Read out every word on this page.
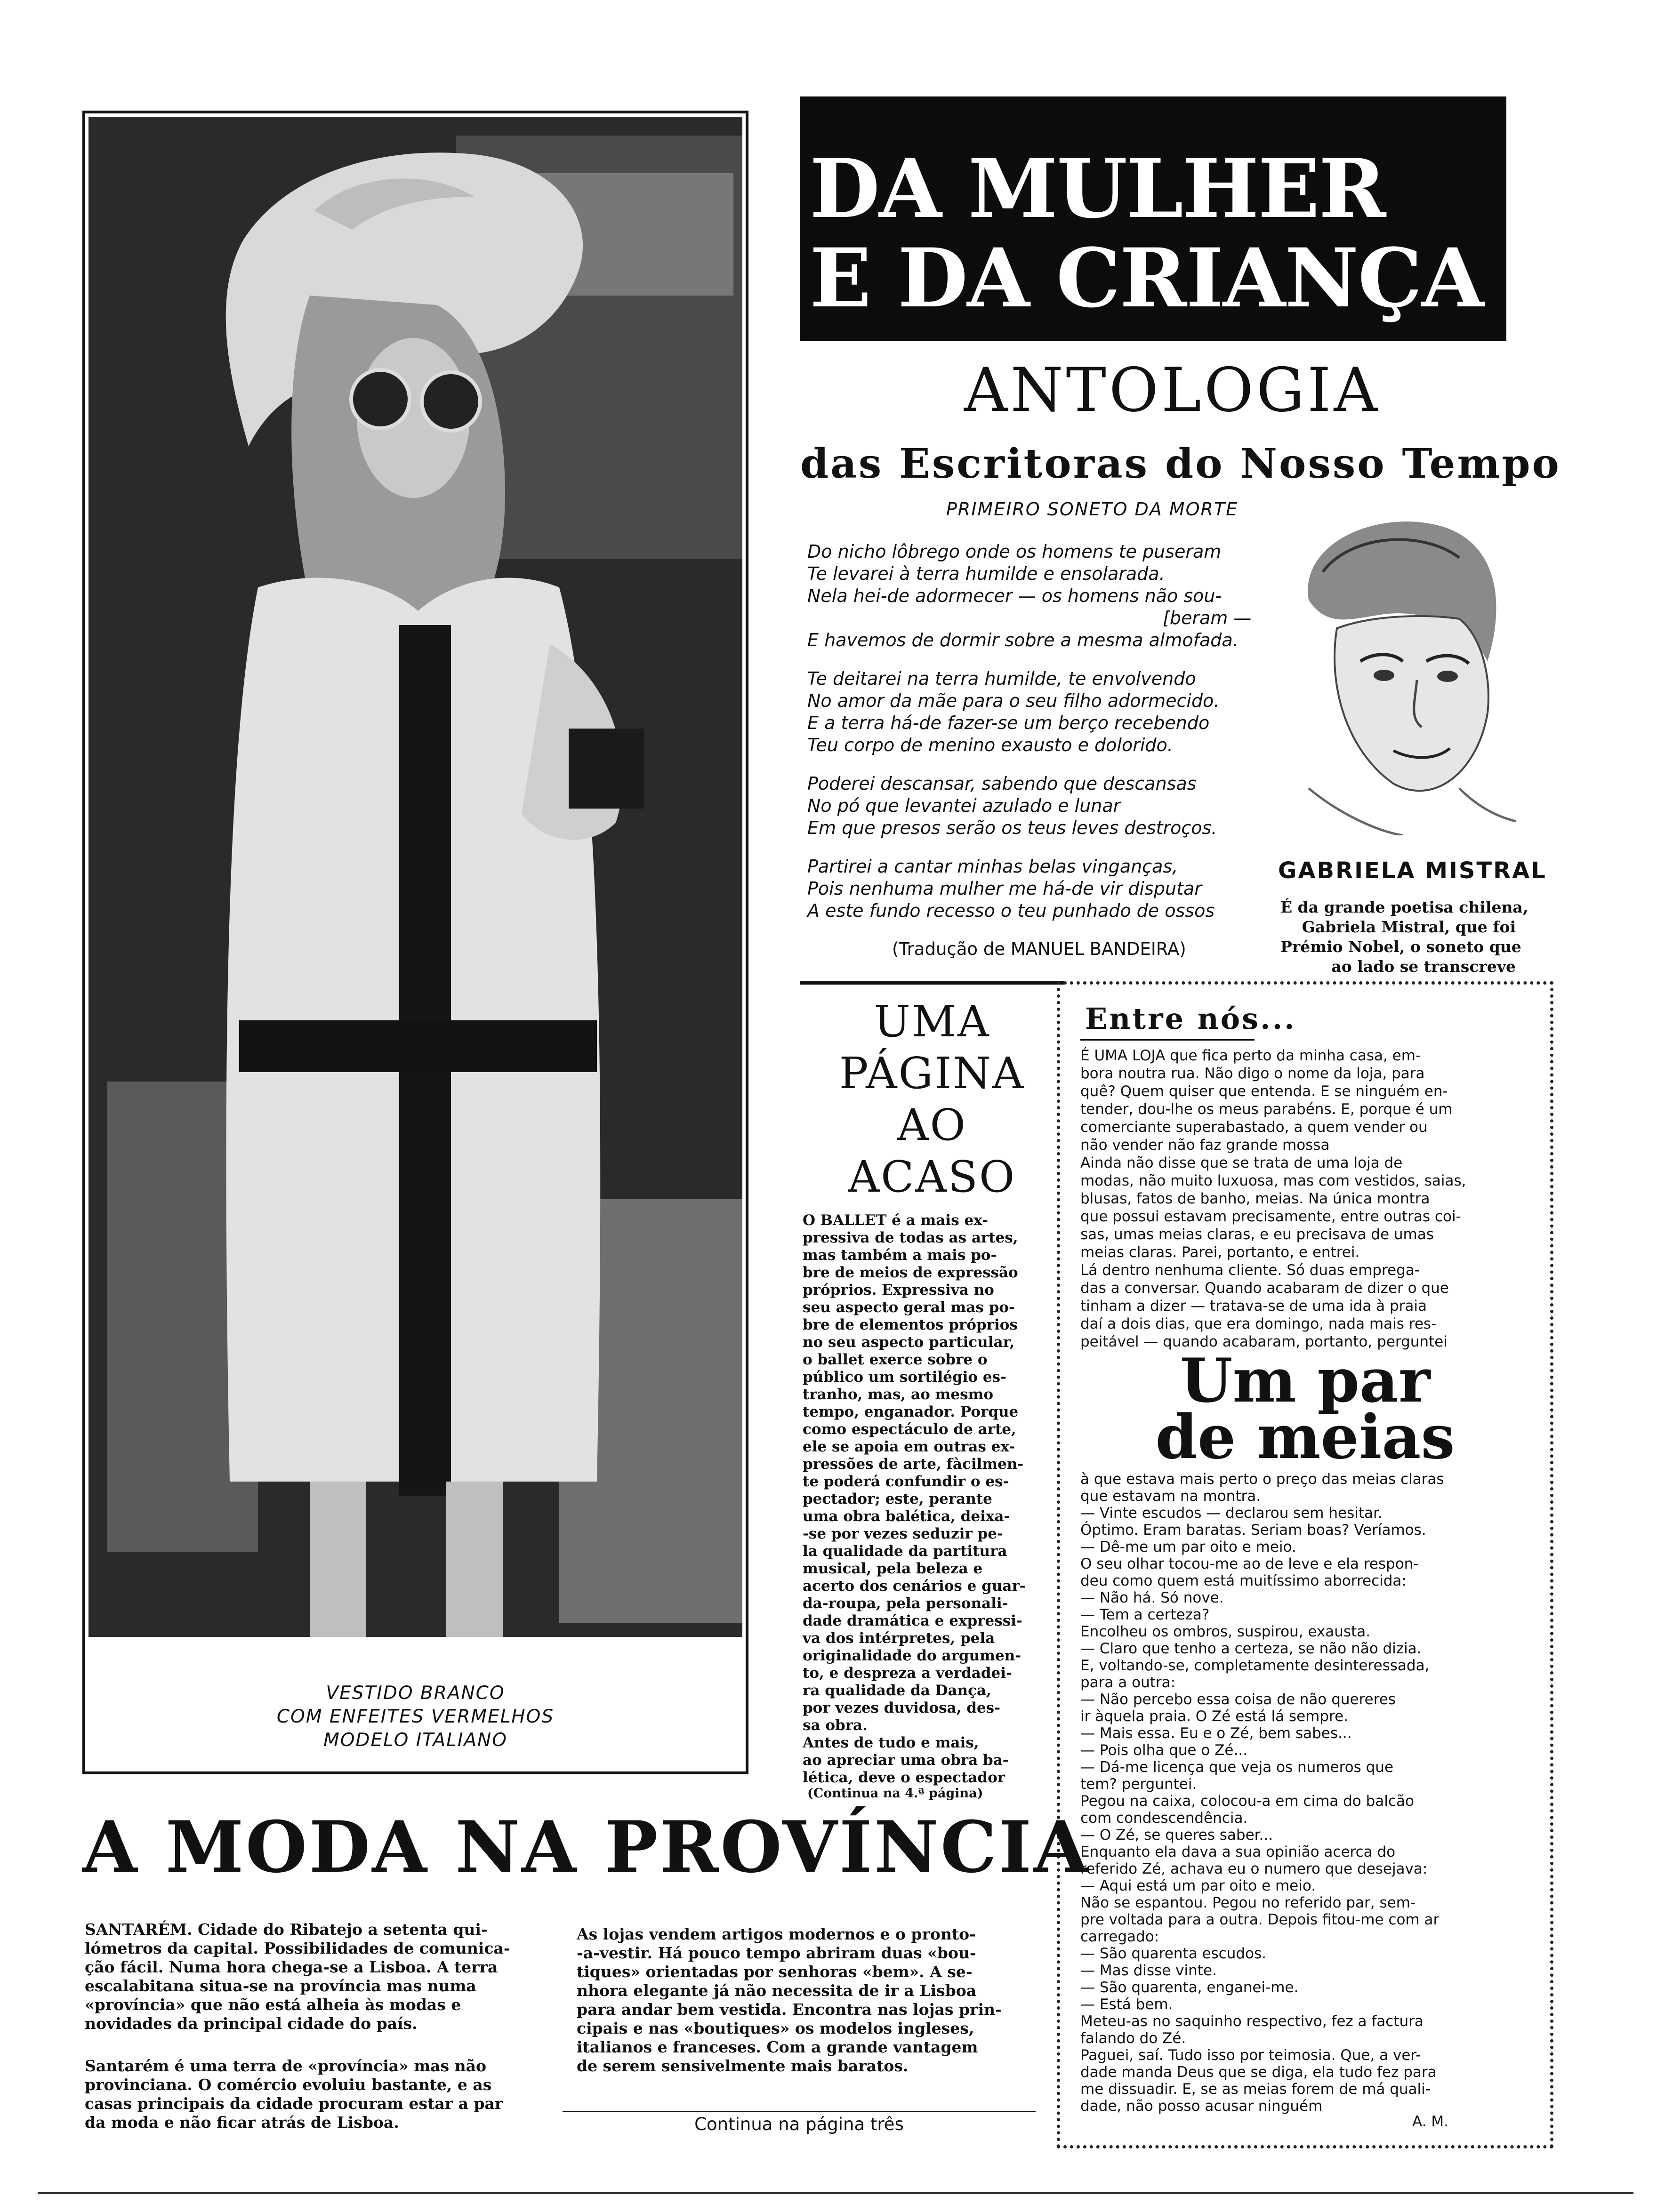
VESTIDO BRANCO
COM ENFEITES VERMELHOS
MODELO ITALIANO
DA MULHER
E DA CRIANÇA
ANTOLOGIA
das Escritoras do Nosso Tempo
PRIMEIRO SONETO DA MORTE
Do nicho lôbrego onde os homens te puseram
Te levarei à terra humilde e ensolarada.
Nela hei-de adormecer — os homens não sou-
[beram —
E havemos de dormir sobre a mesma almofada.
Te deitarei na terra humilde, te envolvendo
No amor da mãe para o seu filho adormecido.
E a terra há-de fazer-se um berço recebendo
Teu corpo de menino exausto e dolorido.
Poderei descansar, sabendo que descansas
No pó que levantei azulado e lunar
Em que presos serão os teus leves destroços.
Partirei a cantar minhas belas vinganças,
Pois nenhuma mulher me há-de vir disputar
A este fundo recesso o teu punhado de ossos
(Tradução de MANUEL BANDEIRA)
GABRIELA MISTRAL
É da grande poetisa chilena,
Gabriela Mistral, que foi
Prémio Nobel, o soneto que
ao lado se transcreve
UMA
PÁGINA
AO
ACASO
O BALLET é a mais ex-
pressiva de todas as artes,
mas também a mais po-
bre de meios de expressão
próprios. Expressiva no
seu aspecto geral mas po-
bre de elementos próprios
no seu aspecto particular,
o ballet exerce sobre o
público um sortilégio es-
tranho, mas, ao mesmo
tempo, enganador. Porque
como espectáculo de arte,
ele se apoia em outras ex-
pressões de arte, fàcilmen-
te poderá confundir o es-
pectador; este, perante
uma obra balética, deixa-
-se por vezes seduzir pe-
la qualidade da partitura
musical, pela beleza e
acerto dos cenários e guar-
da-roupa, pela personali-
dade dramática e expressi-
va dos intérpretes, pela
originalidade do argumen-
to, e despreza a verdadei-
ra qualidade da Dança,
por vezes duvidosa, des-
sa obra.
Antes de tudo e mais,
ao apreciar uma obra ba-
lética, deve o espectador
(Continua na 4.ª página)
Entre nós...
É UMA LOJA que fica perto da minha casa, em-
bora noutra rua. Não digo o nome da loja, para
quê? Quem quiser que entenda. E se ninguém en-
tender, dou-lhe os meus parabéns. E, porque é um
comerciante superabastado, a quem vender ou
não vender não faz grande mossa
Ainda não disse que se trata de uma loja de
modas, não muito luxuosa, mas com vestidos, saias,
blusas, fatos de banho, meias. Na única montra
que possui estavam precisamente, entre outras coi-
sas, umas meias claras, e eu precisava de umas
meias claras. Parei, portanto, e entrei.
Lá dentro nenhuma cliente. Só duas emprega-
das a conversar. Quando acabaram de dizer o que
tinham a dizer — tratava-se de uma ida à praia
daí a dois dias, que era domingo, nada mais res-
peitável — quando acabaram, portanto, perguntei
Um par
de meias
à que estava mais perto o preço das meias claras
que estavam na montra.
— Vinte escudos — declarou sem hesitar.
Óptimo. Eram baratas. Seriam boas? Veríamos.
— Dê-me um par oito e meio.
O seu olhar tocou-me ao de leve e ela respon-
deu como quem está muitíssimo aborrecida:
— Não há. Só nove.
— Tem a certeza?
Encolheu os ombros, suspirou, exausta.
— Claro que tenho a certeza, se não não dizia.
E, voltando-se, completamente desinteressada,
para a outra:
— Não percebo essa coisa de não quereres
ir àquela praia. O Zé está lá sempre.
— Mais essa. Eu e o Zé, bem sabes...
— Pois olha que o Zé...
— Dá-me licença que veja os numeros que
tem? perguntei.
Pegou na caixa, colocou-a em cima do balcão
com condescendência.
— O Zé, se queres saber...
Enquanto ela dava a sua opinião acerca do
referido Zé, achava eu o numero que desejava:
— Aqui está um par oito e meio.
Não se espantou. Pegou no referido par, sem-
pre voltada para a outra. Depois fitou-me com ar
carregado:
— São quarenta escudos.
— Mas disse vinte.
— São quarenta, enganei-me.
— Está bem.
Meteu-as no saquinho respectivo, fez a factura
falando do Zé.
Paguei, saí. Tudo isso por teimosia. Que, a ver-
dade manda Deus que se diga, ela tudo fez para
me dissuadir. E, se as meias forem de má quali-
dade, não posso acusar ninguém
A. M.
A MODA NA PROVÍNCIA
SANTARÉM. Cidade do Ribatejo a setenta qui-
lómetros da capital. Possibilidades de comunica-
ção fácil. Numa hora chega-se a Lisboa. A terra
escalabitana situa-se na província mas numa
«província» que não está alheia às modas e
novidades da principal cidade do país.
Santarém é uma terra de «província» mas não
provinciana. O comércio evoluiu bastante, e as
casas principais da cidade procuram estar a par
da moda e não ficar atrás de Lisboa.
As lojas vendem artigos modernos e o pronto-
-a-vestir. Há pouco tempo abriram duas «bou-
tiques» orientadas por senhoras «bem». A se-
nhora elegante já não necessita de ir a Lisboa
para andar bem vestida. Encontra nas lojas prin-
cipais e nas «boutiques» os modelos ingleses,
italianos e franceses. Com a grande vantagem
de serem sensivelmente mais baratos.
Continua na página três
